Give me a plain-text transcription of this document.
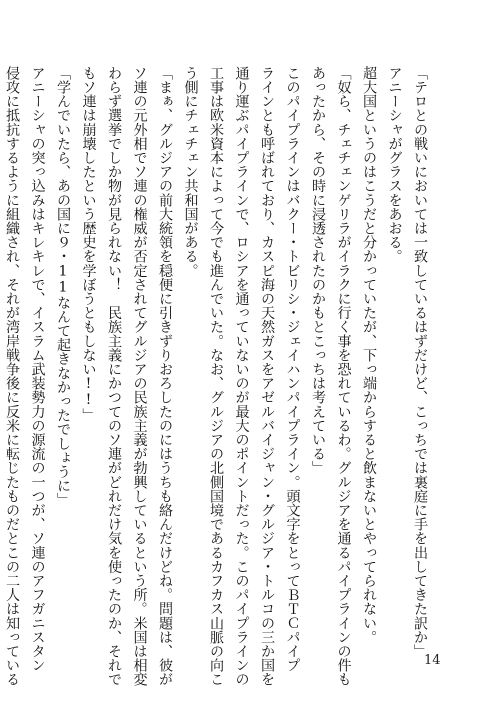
「テロとの戦いにおいては一致しているはずだけど、こっちでは裏庭に手を出してきた訳か」
アニーシャがグラスをあおる。
超大国というのはこうだと分かっていたが、下っ端からすると飲まないとやってられない。
「奴ら、チェチェンゲリラがイラクに行く事を恐れているわ。グルジアを通るパイプラインの件も
あったから、その時に浸透されたのかもとこっちは考えている」
このパイプラインはバクー・トビリシ・ジェイハンパイプライン。頭文字をとってＢＴＣパイプ
ラインとも呼ばれており、カスピ海の天然ガスをアゼルバイジャン・グルジア・トルコの三か国を
通り運ぶパイプラインで、ロシアを通っていないのが最大のポイントだった。このパイプラインの
工事は欧米資本によって今でも進んでいた。なお、グルジアの北側国境であるカフカス山脈の向こ
う側にチェチェン共和国がある。
「まぁ、グルジアの前大統領を穏便に引きずりおろしたのにはうちも絡んだけどね。問題は、彼が
ソ連の元外相でソ連の権威が否定されてグルジアの民族主義が勃興しているという所。米国は相変
わらず選挙でしか物が見られない！　民族主義にかつてのソ連がどれだけ気を使ったのか、それで
もソ連は崩壊したという歴史を学ぼうともしない!!」
「学んでいたら、あの国に９・11なんて起きなかったでしょうに」
アニーシャの突っ込みはキレキレで、イスラム武装勢力の源流の一つが、ソ連のアフガニスタン
侵攻に抵抗するように組織され、それが湾岸戦争後に反米に転じたものだとこの二人は知っている	14
